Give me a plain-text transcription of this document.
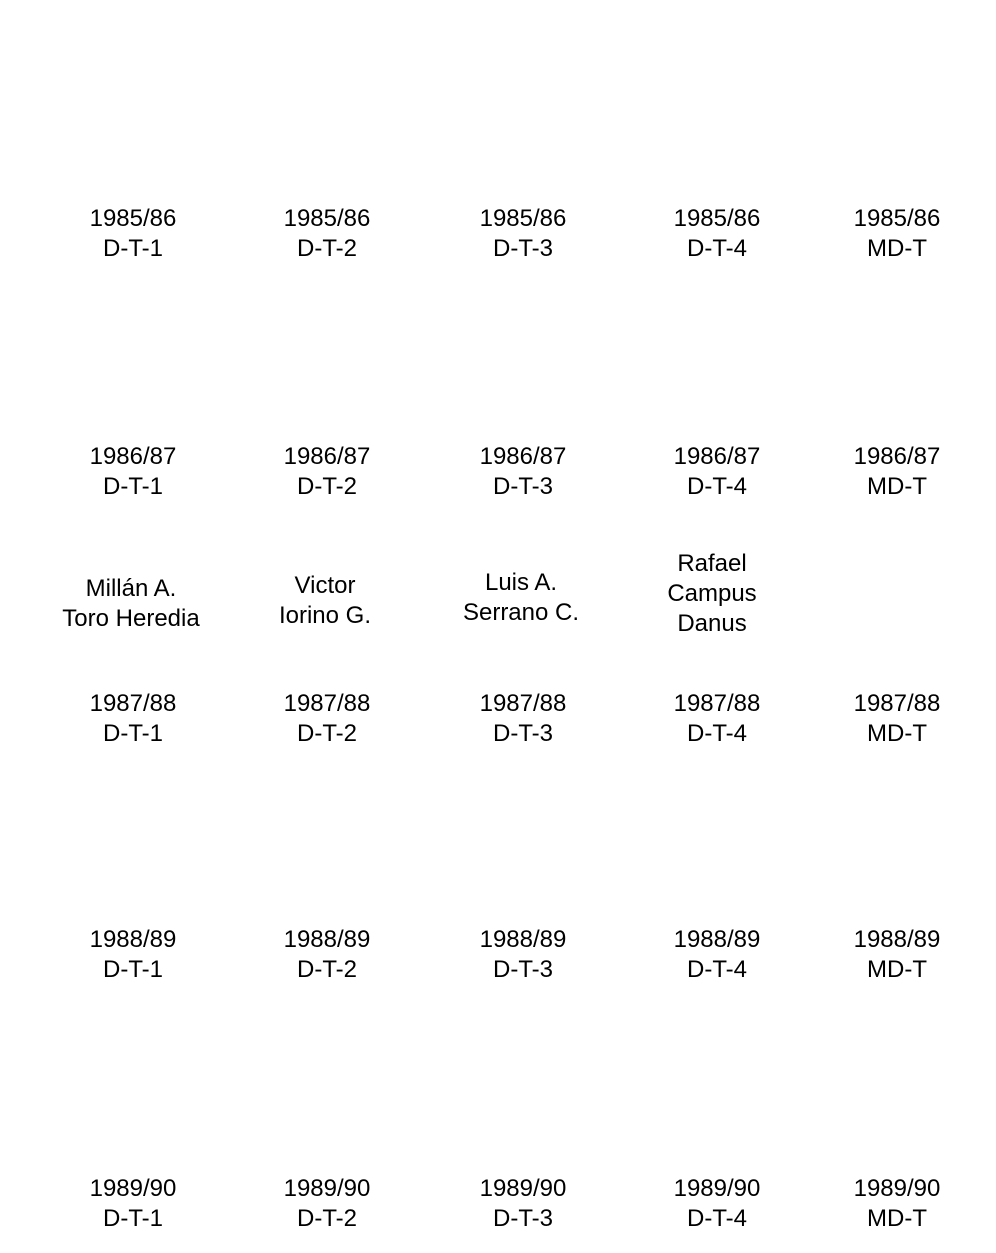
1985/86
D-T-1
1985/86
D-T-2
1985/86
D-T-3
1985/86
D-T-4
1985/86
MD-T
1986/87
D-T-1
1986/87
D-T-2
1986/87
D-T-3
1986/87
D-T-4
1986/87
MD-T
Millán A.
Toro Heredia
Victor
Iorino G.
Luis A.
Serrano C.
Rafael
Campus
Danus
1987/88
D-T-1
1987/88
D-T-2
1987/88
D-T-3
1987/88
D-T-4
1987/88
MD-T
1988/89
D-T-1
1988/89
D-T-2
1988/89
D-T-3
1988/89
D-T-4
1988/89
MD-T
1989/90
D-T-1
1989/90
D-T-2
1989/90
D-T-3
1989/90
D-T-4
1989/90
MD-T
